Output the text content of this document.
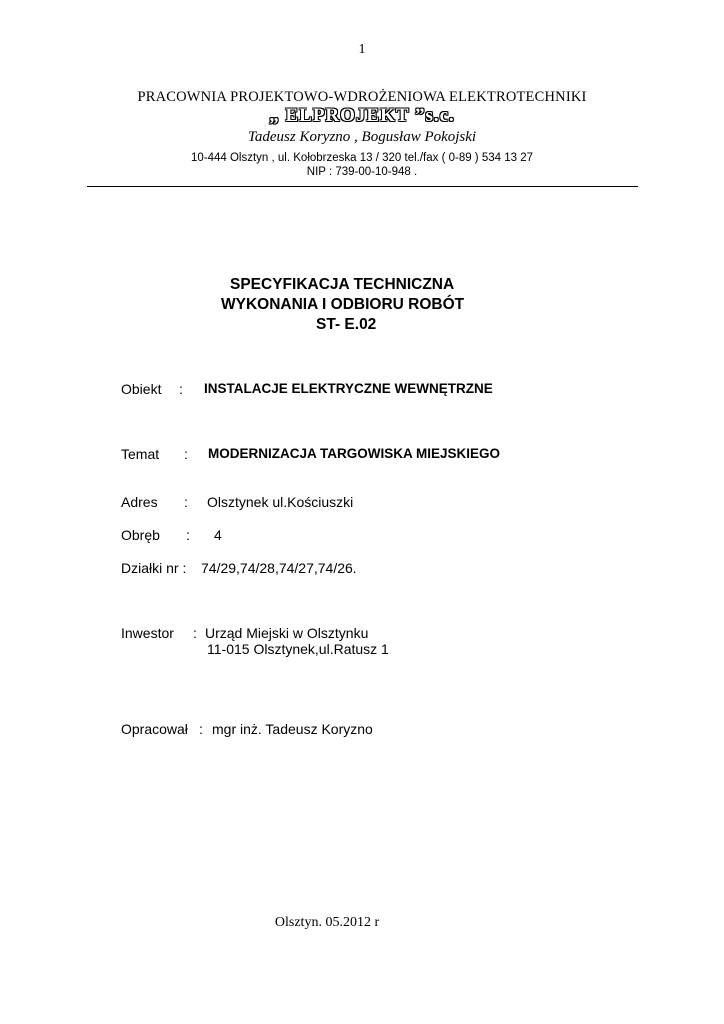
1
PRACOWNIA PROJEKTOWO-WDROŻENIOWA ELEKTROTECHNIKI
„ ELPROJEKT ”s.c.
Tadeusz Koryzno , Bogusław Pokojski
10-444 Olsztyn , ul. Kołobrzeska 13 / 320 tel./fax ( 0-89 ) 534 13 27
NIP : 739-00-10-948 .
SPECYFIKACJA TECHNICZNA
WYKONANIA I ODBIORU ROBÓT
ST- E.02
Obiekt : INSTALACJE ELEKTRYCZNE WEWNĘTRZNE
Temat : MODERNIZACJA TARGOWISKA MIEJSKIEGO
Adres : Olsztynek ul.Kościuszki
Obręb : 4
Działki nr : 74/29,74/28,74/27,74/26.
Inwestor : Urząd Miejski w Olsztynku
11-015 Olsztynek,ul.Ratusz 1
Opracował : mgr inż. Tadeusz Koryzno
Olsztyn. 05.2012 r
